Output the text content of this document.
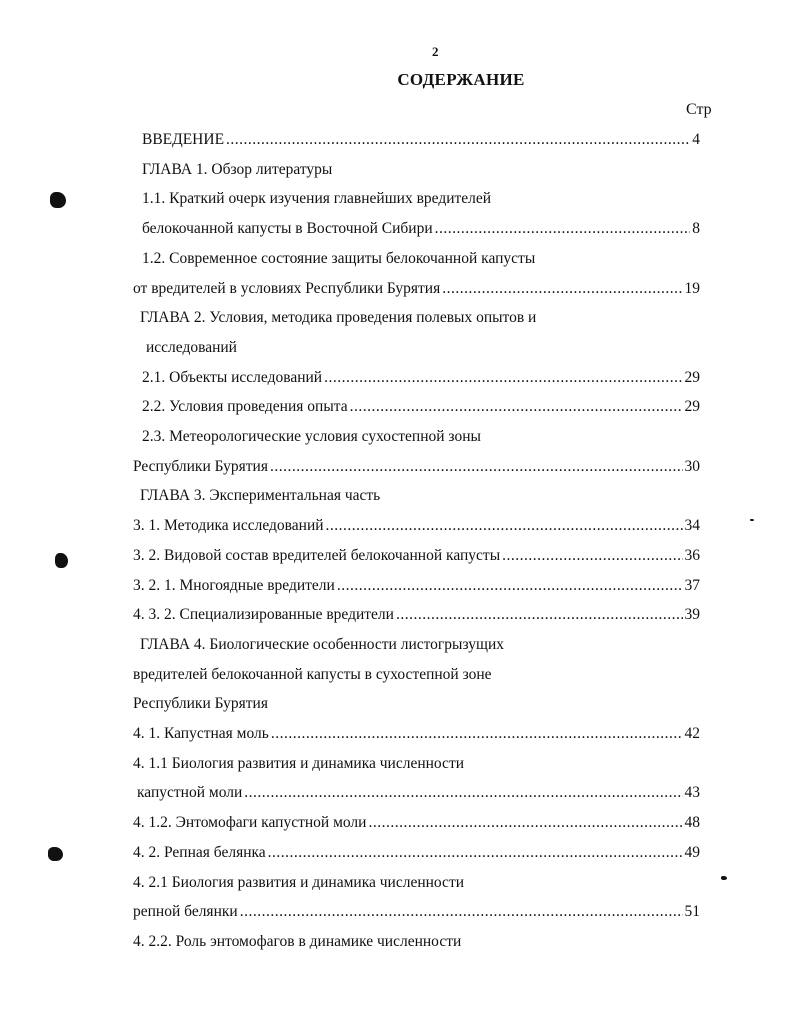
2
СОДЕРЖАНИЕ
Стр
ВВЕДЕНИЕ .....	4
ГЛАВА 1. Обзор литературы
1.1. Краткий очерк изучения главнейших вредителей
белокочанной капусты в Восточной Сибири .....	8
1.2. Современное состояние защиты белокочанной капусты
от вредителей в условиях Республики Бурятия .....	19
ГЛАВА 2. Условия, методика проведения полевых опытов и
исследований
2.1. Объекты исследований .....	29
2.2. Условия проведения опыта .....	29
2.3. Метеорологические условия сухостепной зоны
Республики Бурятия .....	30
ГЛАВА 3. Экспериментальная часть
3. 1. Методика исследований .....	34
3. 2. Видовой состав вредителей белокочанной капусты .....	36
3. 2. 1. Многоядные вредители .....	37
4. 3. 2. Специализированные вредители .....	39
ГЛАВА 4. Биологические особенности листогрызущих
вредителей белокочанной капусты в сухостепной зоне
Республики Бурятия
4. 1. Капустная моль .....	42
4. 1.1 Биология развития и динамика численности
капустной моли .....	43
4. 1.2. Энтомофаги капустной моли .....	48
4. 2. Репная белянка .....	49
4. 2.1 Биология развития и динамика численности
репной белянки .....	51
4. 2.2. Роль энтомофагов в динамике численности
